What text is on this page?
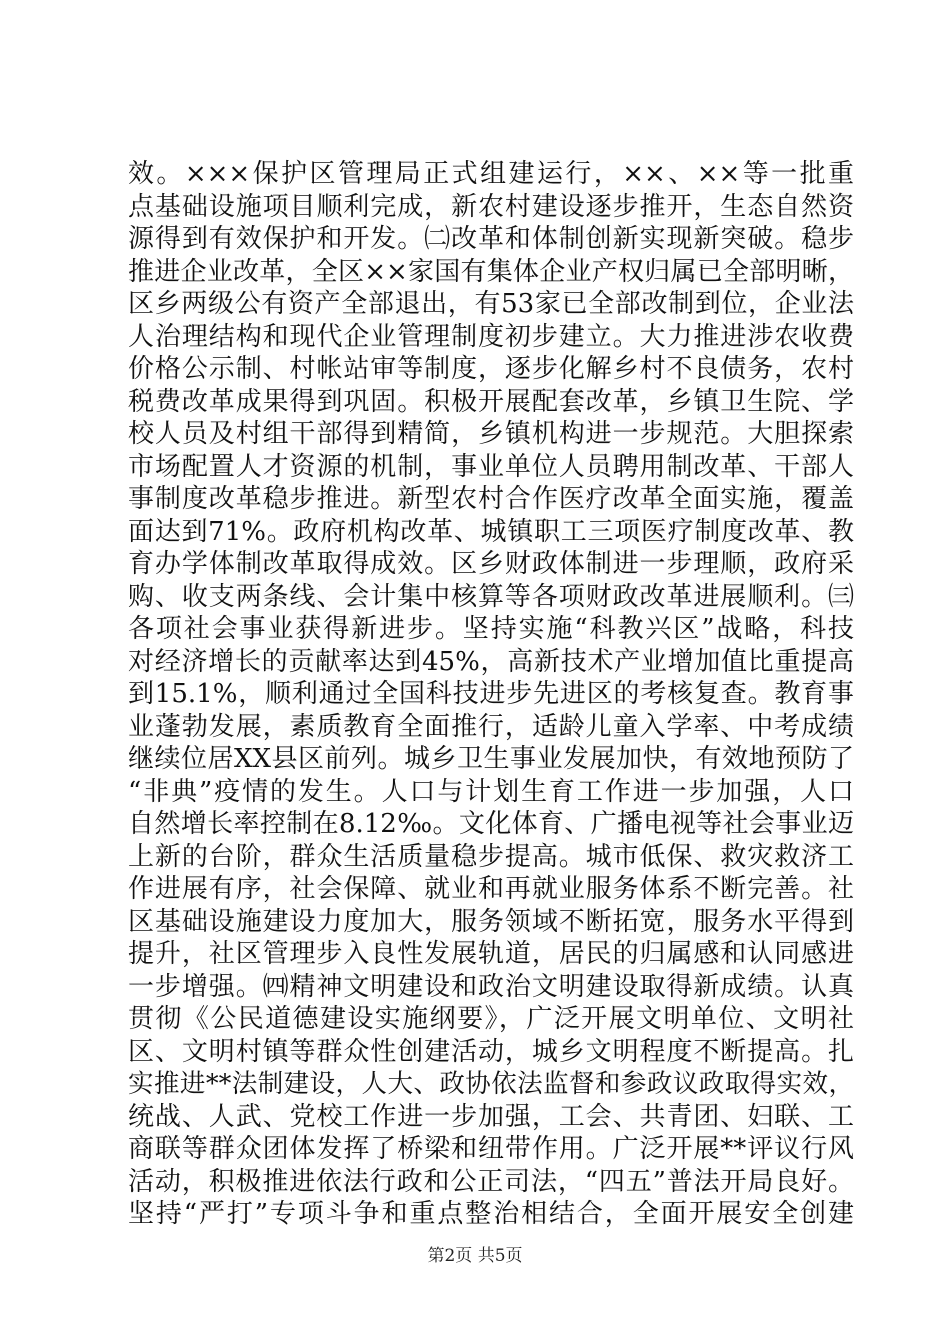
效。×××保护区管理局正式组建运行，××、××等一批重
点基础设施项目顺利完成，新农村建设逐步推开，生态自然资
源得到有效保护和开发。㈡改革和体制创新实现新突破。稳步
推进企业改革，全区××家国有集体企业产权归属已全部明晰，
区乡两级公有资产全部退出，有53家已全部改制到位，企业法
人治理结构和现代企业管理制度初步建立。大力推进涉农收费
价格公示制、村帐站审等制度，逐步化解乡村不良债务，农村
税费改革成果得到巩固。积极开展配套改革，乡镇卫生院、学
校人员及村组干部得到精简，乡镇机构进一步规范。大胆探索
市场配置人才资源的机制，事业单位人员聘用制改革、干部人
事制度改革稳步推进。新型农村合作医疗改革全面实施，覆盖
面达到71%。政府机构改革、城镇职工三项医疗制度改革、教
育办学体制改革取得成效。区乡财政体制进一步理顺，政府采
购、收支两条线、会计集中核算等各项财政改革进展顺利。㈢
各项社会事业获得新进步。坚持实施“科教兴区”战略，科技
对经济增长的贡献率达到45%，高新技术产业增加值比重提高
到15.1%，顺利通过全国科技进步先进区的考核复查。教育事
业蓬勃发展，素质教育全面推行，适龄儿童入学率、中考成绩
继续位居XX县区前列。城乡卫生事业发展加快，有效地预防了
“非典”疫情的发生。人口与计划生育工作进一步加强，人口
自然增长率控制在8.12‰。文化体育、广播电视等社会事业迈
上新的台阶，群众生活质量稳步提高。城市低保、救灾救济工
作进展有序，社会保障、就业和再就业服务体系不断完善。社
区基础设施建设力度加大，服务领域不断拓宽，服务水平得到
提升，社区管理步入良性发展轨道，居民的归属感和认同感进
一步增强。㈣精神文明建设和政治文明建设取得新成绩。认真
贯彻《公民道德建设实施纲要》，广泛开展文明单位、文明社
区、文明村镇等群众性创建活动，城乡文明程度不断提高。扎
实推进**法制建设，人大、政协依法监督和参政议政取得实效，
统战、人武、党校工作进一步加强，工会、共青团、妇联、工
商联等群众团体发挥了桥梁和纽带作用。广泛开展**评议行风
活动，积极推进依法行政和公正司法，“四五”普法开局良好。
坚持“严打”专项斗争和重点整治相结合，全面开展安全创建
第2页 共5页
